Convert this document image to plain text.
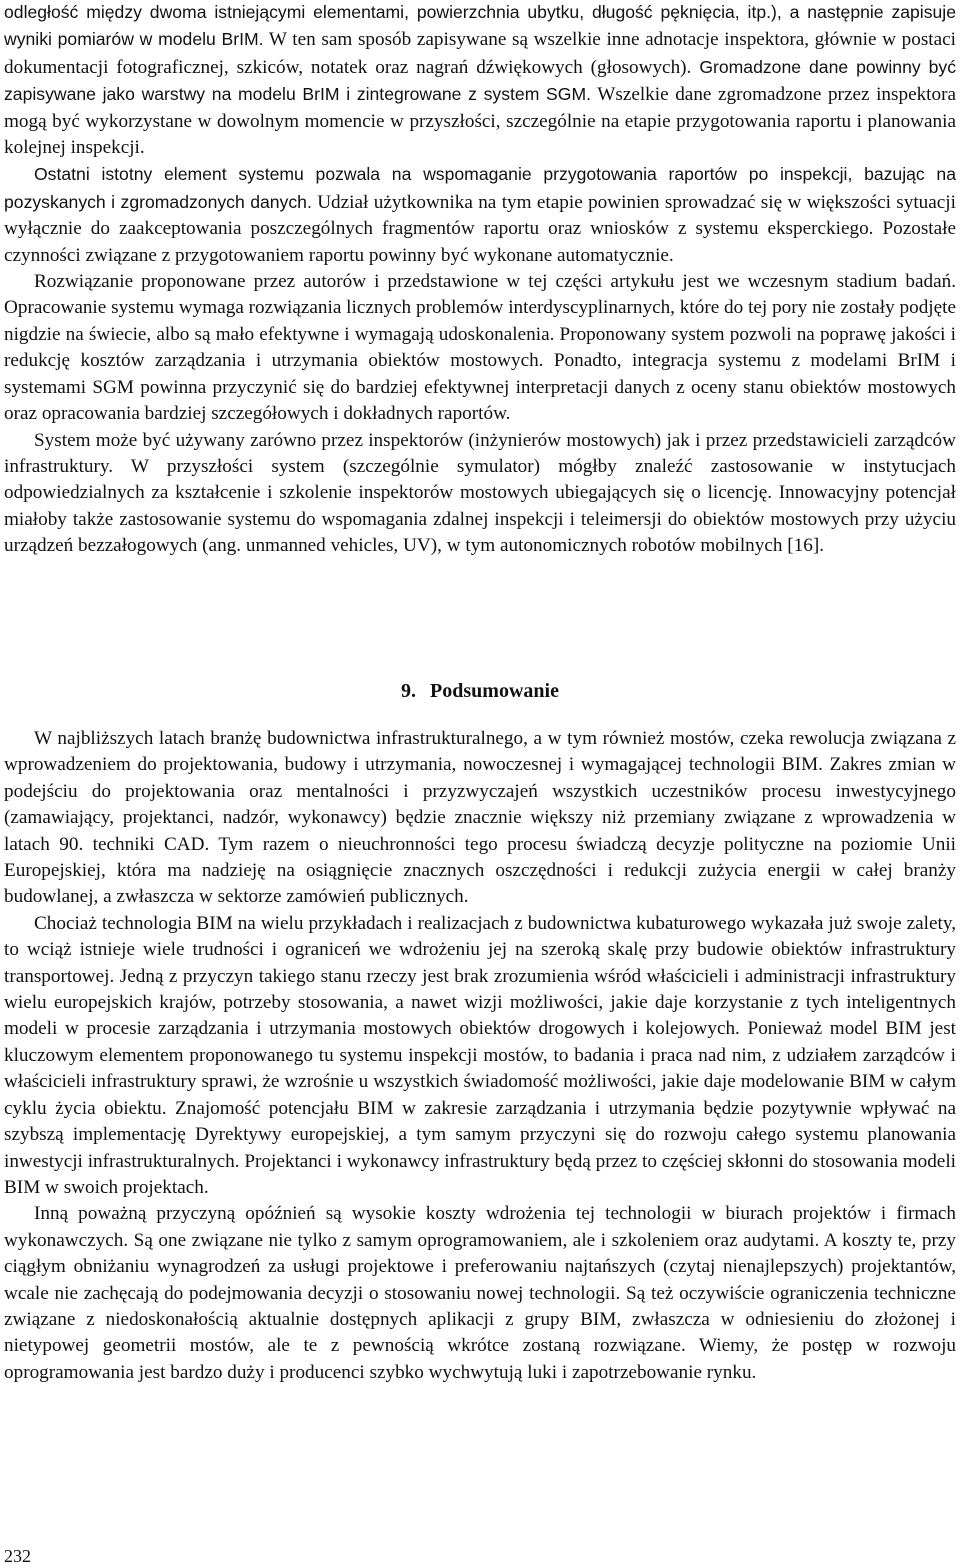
odległość między dwoma istniejącymi elementami, powierzchnia ubytku, długość pęknięcia, itp.), a następnie zapisuje wyniki pomiarów w modelu BrIM. W ten sam sposób zapisywane są wszelkie inne adnotacje inspektora, głównie w postaci dokumentacji fotograficznej, szkiców, notatek oraz nagrań dźwiękowych (głosowych). Gromadzone dane powinny być zapisywane jako warstwy na modelu BrIM i zintegrowane z system SGM. Wszelkie dane zgromadzone przez inspektora mogą być wykorzystane w dowolnym momencie w przyszłości, szczególnie na etapie przygotowania raportu i planowania kolejnej inspekcji.

Ostatni istotny element systemu pozwala na wspomaganie przygotowania raportów po inspekcji, bazując na pozyskanych i zgromadzonych danych. Udział użytkownika na tym etapie powinien sprowadzać się w większości sytuacji wyłącznie do zaakceptowania poszczególnych fragmentów raportu oraz wniosków z systemu eksperckiego. Pozostałe czynności związane z przygotowaniem raportu powinny być wykonane automatycznie.

Rozwiązanie proponowane przez autorów i przedstawione w tej części artykułu jest we wczesnym stadium badań. Opracowanie systemu wymaga rozwiązania licznych problemów interdyscyplinarnych, które do tej pory nie zostały podjęte nigdzie na świecie, albo są mało efektywne i wymagają udoskonalenia. Proponowany system pozwoli na poprawę jakości i redukcję kosztów zarządzania i utrzymania obiektów mostowych. Ponadto, integracja systemu z modelami BrIM i systemami SGM powinna przyczynić się do bardziej efektywnej interpretacji danych z oceny stanu obiektów mostowych oraz opracowania bardziej szczegółowych i dokładnych raportów.

System może być używany zarówno przez inspektorów (inżynierów mostowych) jak i przez przedstawicieli zarządców infrastruktury. W przyszłości system (szczególnie symulator) mógłby znaleźć zastosowanie w instytucjach odpowiedzialnych za kształcenie i szkolenie inspektorów mostowych ubiegających się o licencję. Innowacyjny potencjał miałoby także zastosowanie systemu do wspomagania zdalnej inspekcji i teleimersji do obiektów mostowych przy użyciu urządzeń bezzałogowych (ang. unmanned vehicles, UV), w tym autonomicznych robotów mobilnych [16].

9. Podsumowanie

W najbliższych latach branżę budownictwa infrastrukturalnego, a w tym również mostów, czeka rewolucja związana z wprowadzeniem do projektowania, budowy i utrzymania, nowoczesnej i wymagającej technologii BIM. Zakres zmian w podejściu do projektowania oraz mentalności i przyzwyczajeń wszystkich uczestników procesu inwestycyjnego (zamawiający, projektanci, nadzór, wykonawcy) będzie znacznie większy niż przemiany związane z wprowadzenia w latach 90. techniki CAD. Tym razem o nieuchronności tego procesu świadczą decyzje polityczne na poziomie Unii Europejskiej, która ma nadzieję na osiągnięcie znacznych oszczędności i redukcji zużycia energii w całej branży budowlanej, a zwłaszcza w sektorze zamówień publicznych.

Chociaż technologia BIM na wielu przykładach i realizacjach z budownictwa kubaturowego wykazała już swoje zalety, to wciąż istnieje wiele trudności i ograniceń we wdrożeniu jej na szeroką skalę przy budowie obiektów infrastruktury transportowej. Jedną z przyczyn takiego stanu rzeczy jest brak zrozumienia wśród właścicieli i administracji infrastruktury wielu europejskich krajów, potrzeby stosowania, a nawet wizji możliwości, jakie daje korzystanie z tych inteligentnych modeli w procesie zarządzania i utrzymania mostowych obiektów drogowych i kolejowych. Ponieważ model BIM jest kluczowym elementem proponowanego tu systemu inspekcji mostów, to badania i praca nad nim, z udziałem zarządców i właścicieli infrastruktury sprawi, że wzrośnie u wszystkich świadomość możliwości, jakie daje modelowanie BIM w całym cyklu życia obiektu. Znajomość potencjału BIM w zakresie zarządzania i utrzymania będzie pozytywnie wpływać na szybszą implementację Dyrektywy europejskiej, a tym samym przyczyni się do rozwoju całego systemu planowania inwestycji infrastrukturalnych. Projektanci i wykonawcy infrastruktury będą przez to częściej skłonni do stosowania modeli BIM w swoich projektach.

Inną poważną przyczyną opóźnień są wysokie koszty wdrożenia tej technologii w biurach projektów i firmach wykonawczych. Są one związane nie tylko z samym oprogramowaniem, ale i szkoleniem oraz audytami. A koszty te, przy ciągłym obniżaniu wynagrodzeń za usługi projektowe i preferowaniu najtańszych (czytaj nienajlepszych) projektantów, wcale nie zachęcają do podejmowania decyzji o stosowaniu nowej technologii. Są też oczywiście ograniczenia techniczne związane z niedoskonałością aktualnie dostępnych aplikacji z grupy BIM, zwłaszcza w odniesieniu do złożonej i nietypowej geometrii mostów, ale te z pewnością wkrótce zostaną rozwiązane. Wiemy, że postęp w rozwoju oprogramowania jest bardzo duży i producenci szybko wychwytują luki i zapotrzebowanie rynku.

232
